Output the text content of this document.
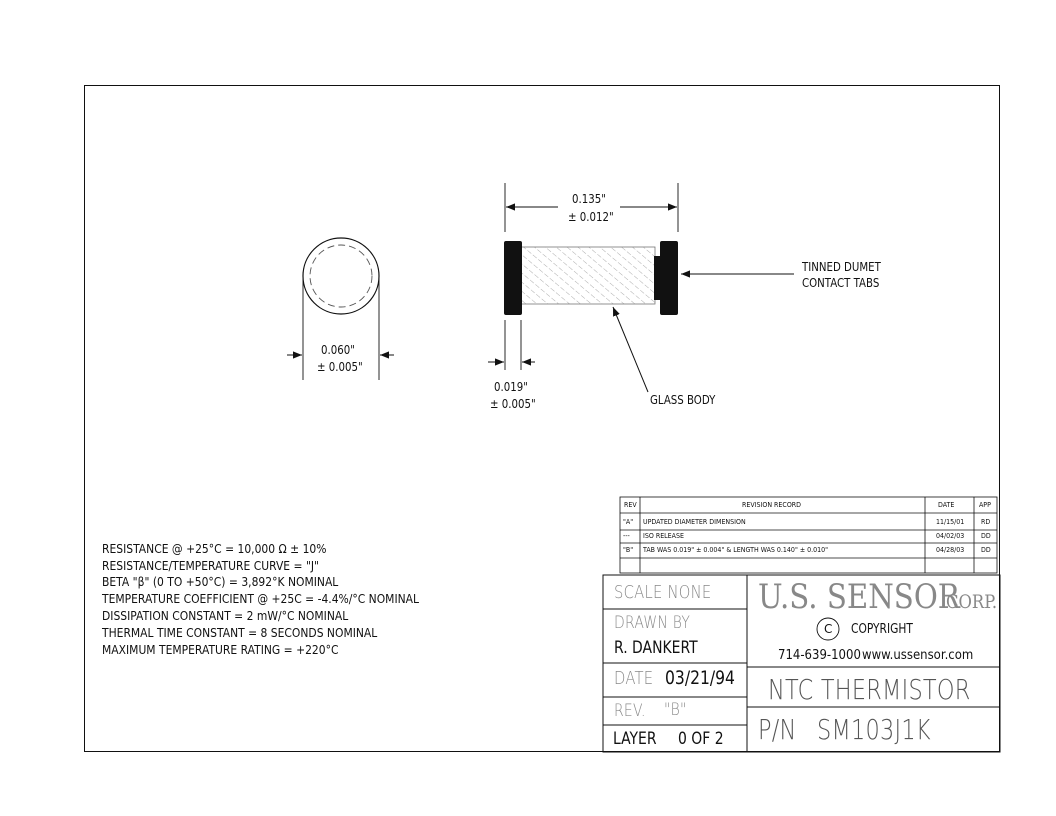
0.060"
± 0.005"
0.135"
± 0.012"
0.019"
± 0.005"
TINNED DUMET
CONTACT TABS
GLASS BODY
RESISTANCE @ +25°C = 10,000 Ω ± 10%
RESISTANCE/TEMPERATURE CURVE = "J"
BETA "β" (0 TO +50°C) = 3,892°K NOMINAL
TEMPERATURE COEFFICIENT @ +25C = -4.4%/°C NOMINAL
DISSIPATION CONSTANT = 2 mW/°C NOMINAL
THERMAL TIME CONSTANT = 8 SECONDS NOMINAL
MAXIMUM TEMPERATURE RATING = +220°C
REV	REVISION RECORD	DATE	APP
"A" UPDATED DIAMETER DIMENSION	11/15/01 RD
--- ISO RELEASE	04/02/03 DD
"B" TAB WAS 0.019" ± 0.004" & LENGTH WAS 0.140" ± 0.010"	04/28/03 DD
SCALE NONE
DRAWN BY
R. DANKERT
DATE 03/21/94
REV. "B"
LAYER 0 OF 2
U.S. SENSOR
CORP.
C COPYRIGHT
714-639-1000 www.ussensor.com
NTC THERMISTOR
P/N SM103J1K
